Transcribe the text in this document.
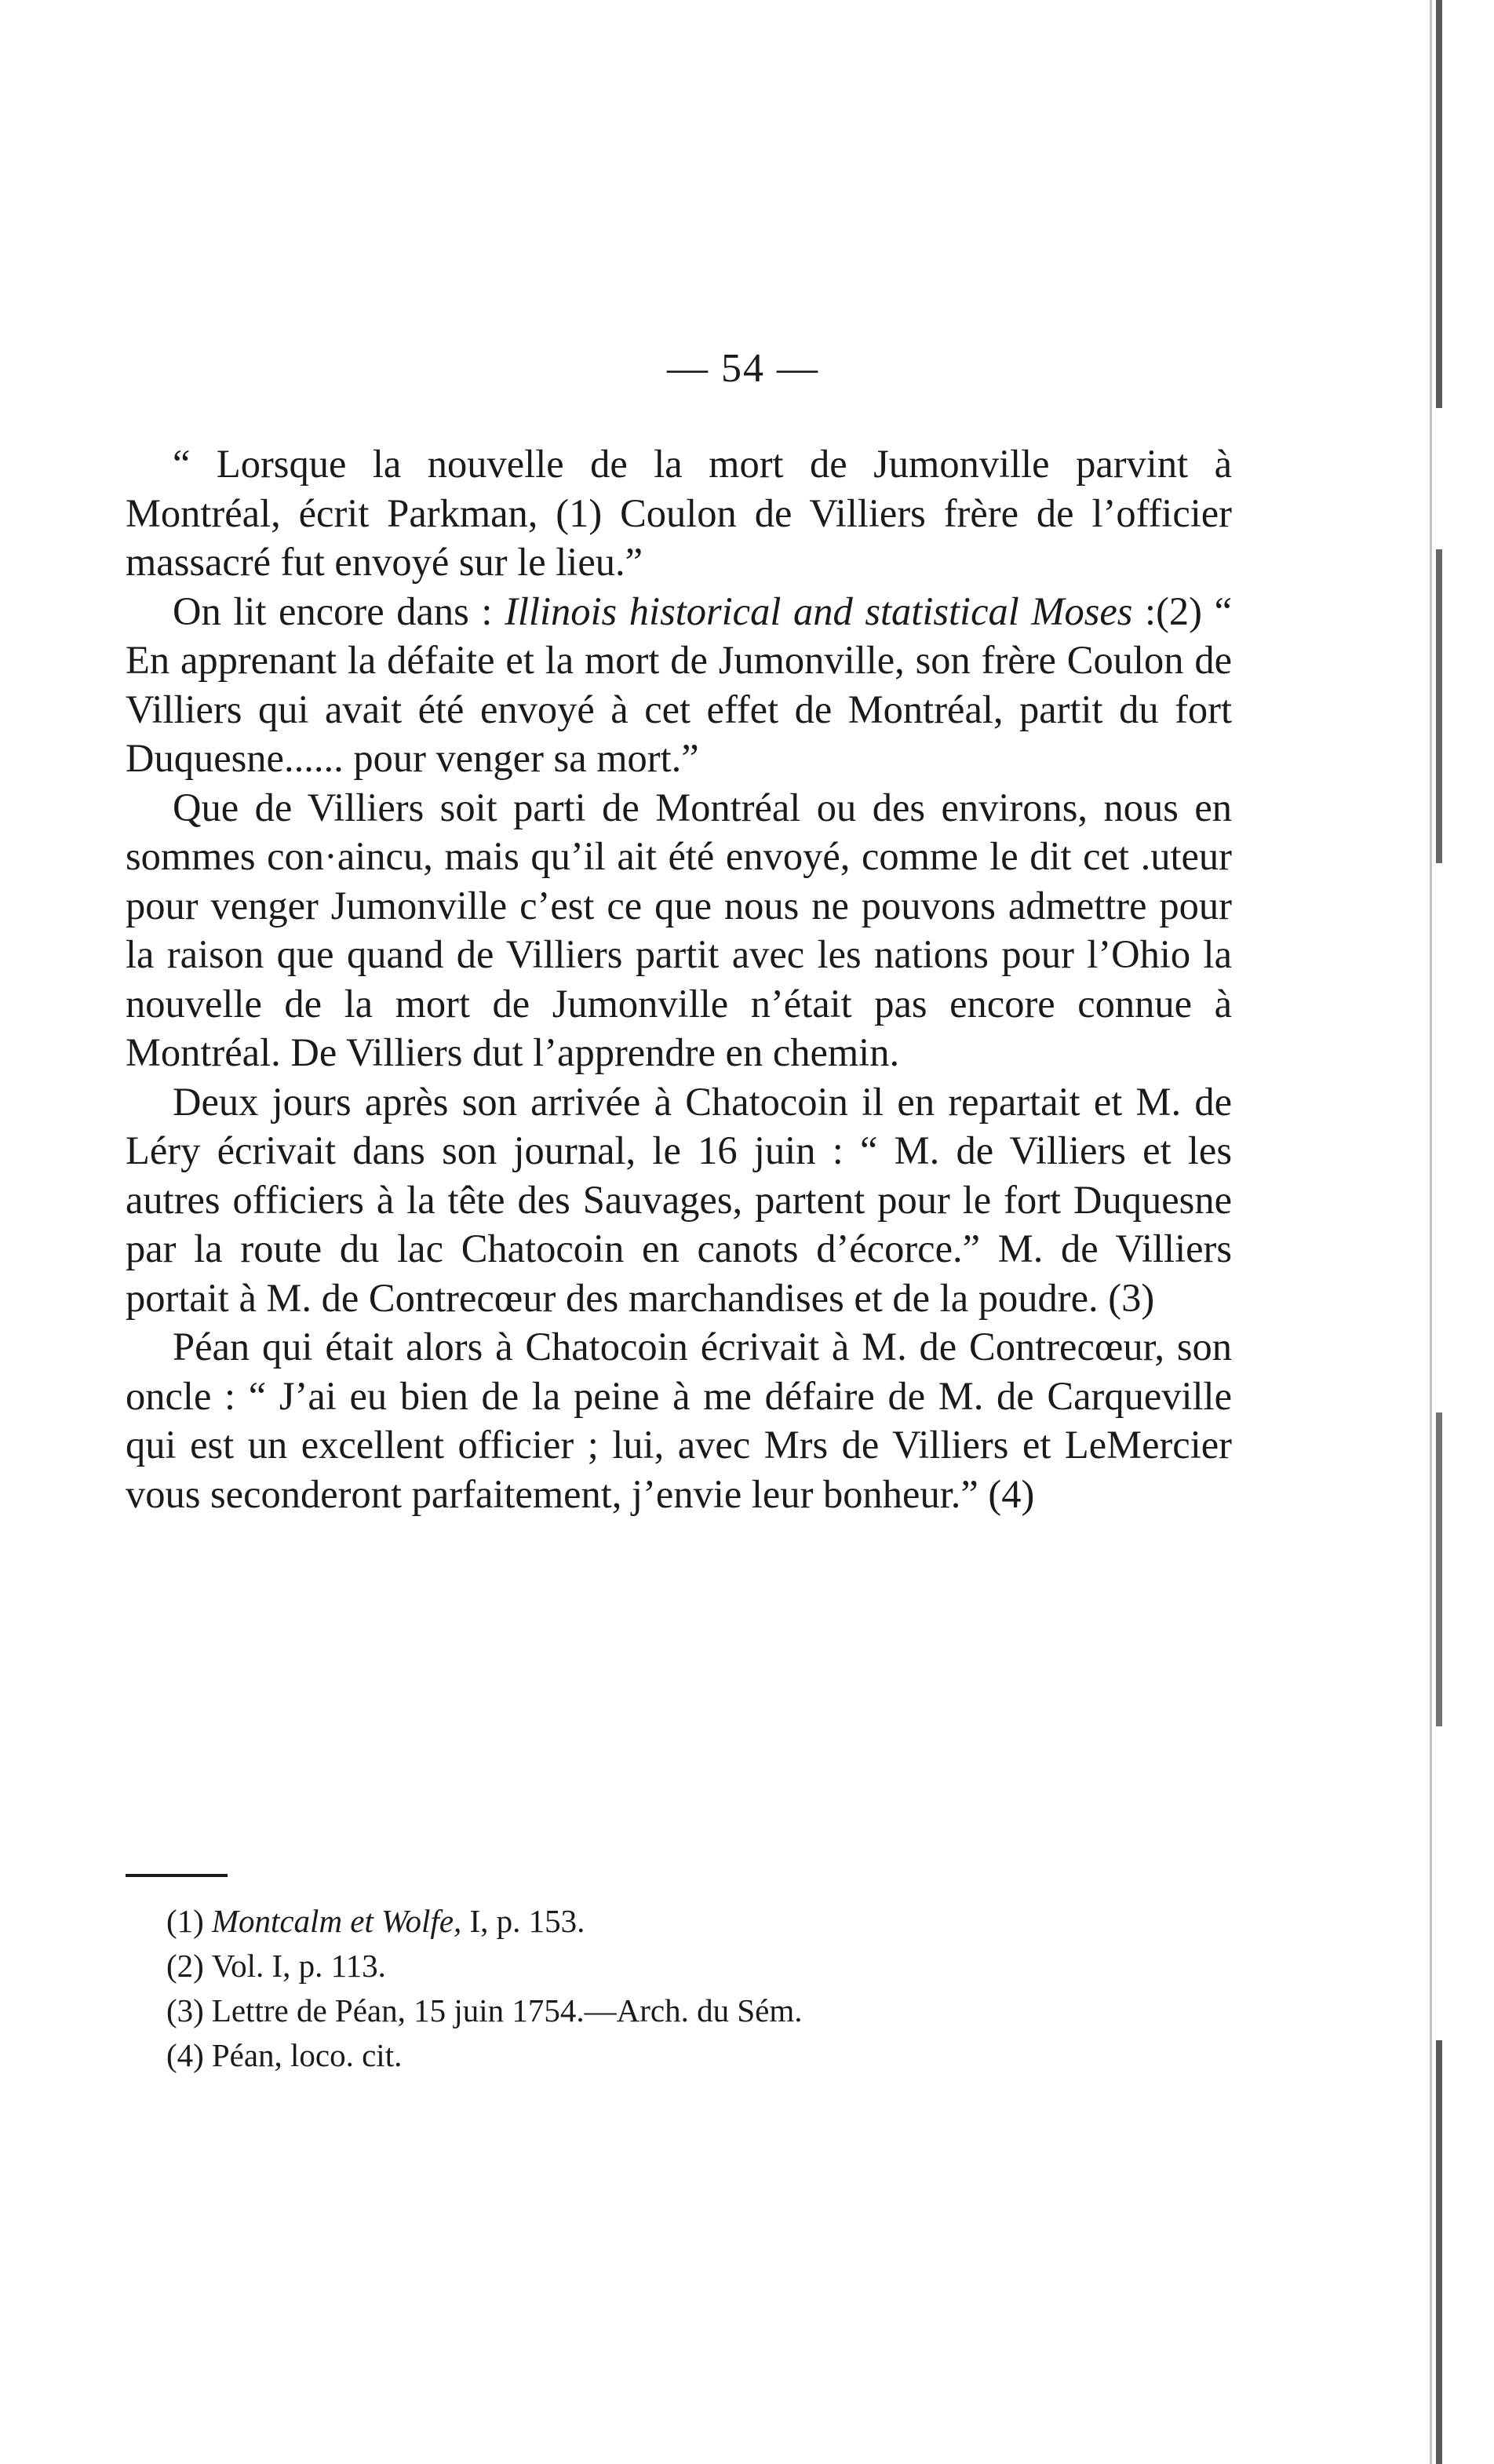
— 54 —

“ Lorsque la nouvelle de la mort de Jumonville parvint à Montréal, écrit Parkman, (1) Coulon de Villiers frère de l’officier massacré fut envoyé sur le lieu.”

On lit encore dans : Illinois historical and statistical Moses :(2) “ En apprenant la défaite et la mort de Jumonville, son frère Coulon de Villiers qui avait été envoyé à cet effet de Montréal, partit du fort Duquesne...... pour venger sa mort.”

Que de Villiers soit parti de Montréal ou des environs, nous en sommes con·aincu, mais qu’il ait été envoyé, comme le dit cet .uteur pour venger Jumonville c’est ce que nous ne pouvons admettre pour la raison que quand de Villiers partit avec les nations pour l’Ohio la nouvelle de la mort de Jumonville n’était pas encore connue à Montréal. De Villiers dut l’apprendre en chemin.

Deux jours après son arrivée à Chatocoin il en repartait et M. de Léry écrivait dans son journal, le 16 juin : “ M. de Villiers et les autres officiers à la tête des Sauvages, partent pour le fort Duquesne par la route du lac Chatocoin en canots d’écorce.” M. de Villiers portait à M. de Contrecœur des marchandises et de la poudre. (3)

Péan qui était alors à Chatocoin écrivait à M. de Contrecœur, son oncle : “ J’ai eu bien de la peine à me défaire de M. de Carqueville qui est un excellent officier ; lui, avec Mrs de Villiers et LeMercier vous seconderont parfaitement, j’envie leur bonheur.” (4)

(1) Montcalm et Wolfe, I, p. 153.

(2) Vol. I, p. 113.

(3) Lettre de Péan, 15 juin 1754.—Arch. du Sém.

(4) Péan, loco. cit.
